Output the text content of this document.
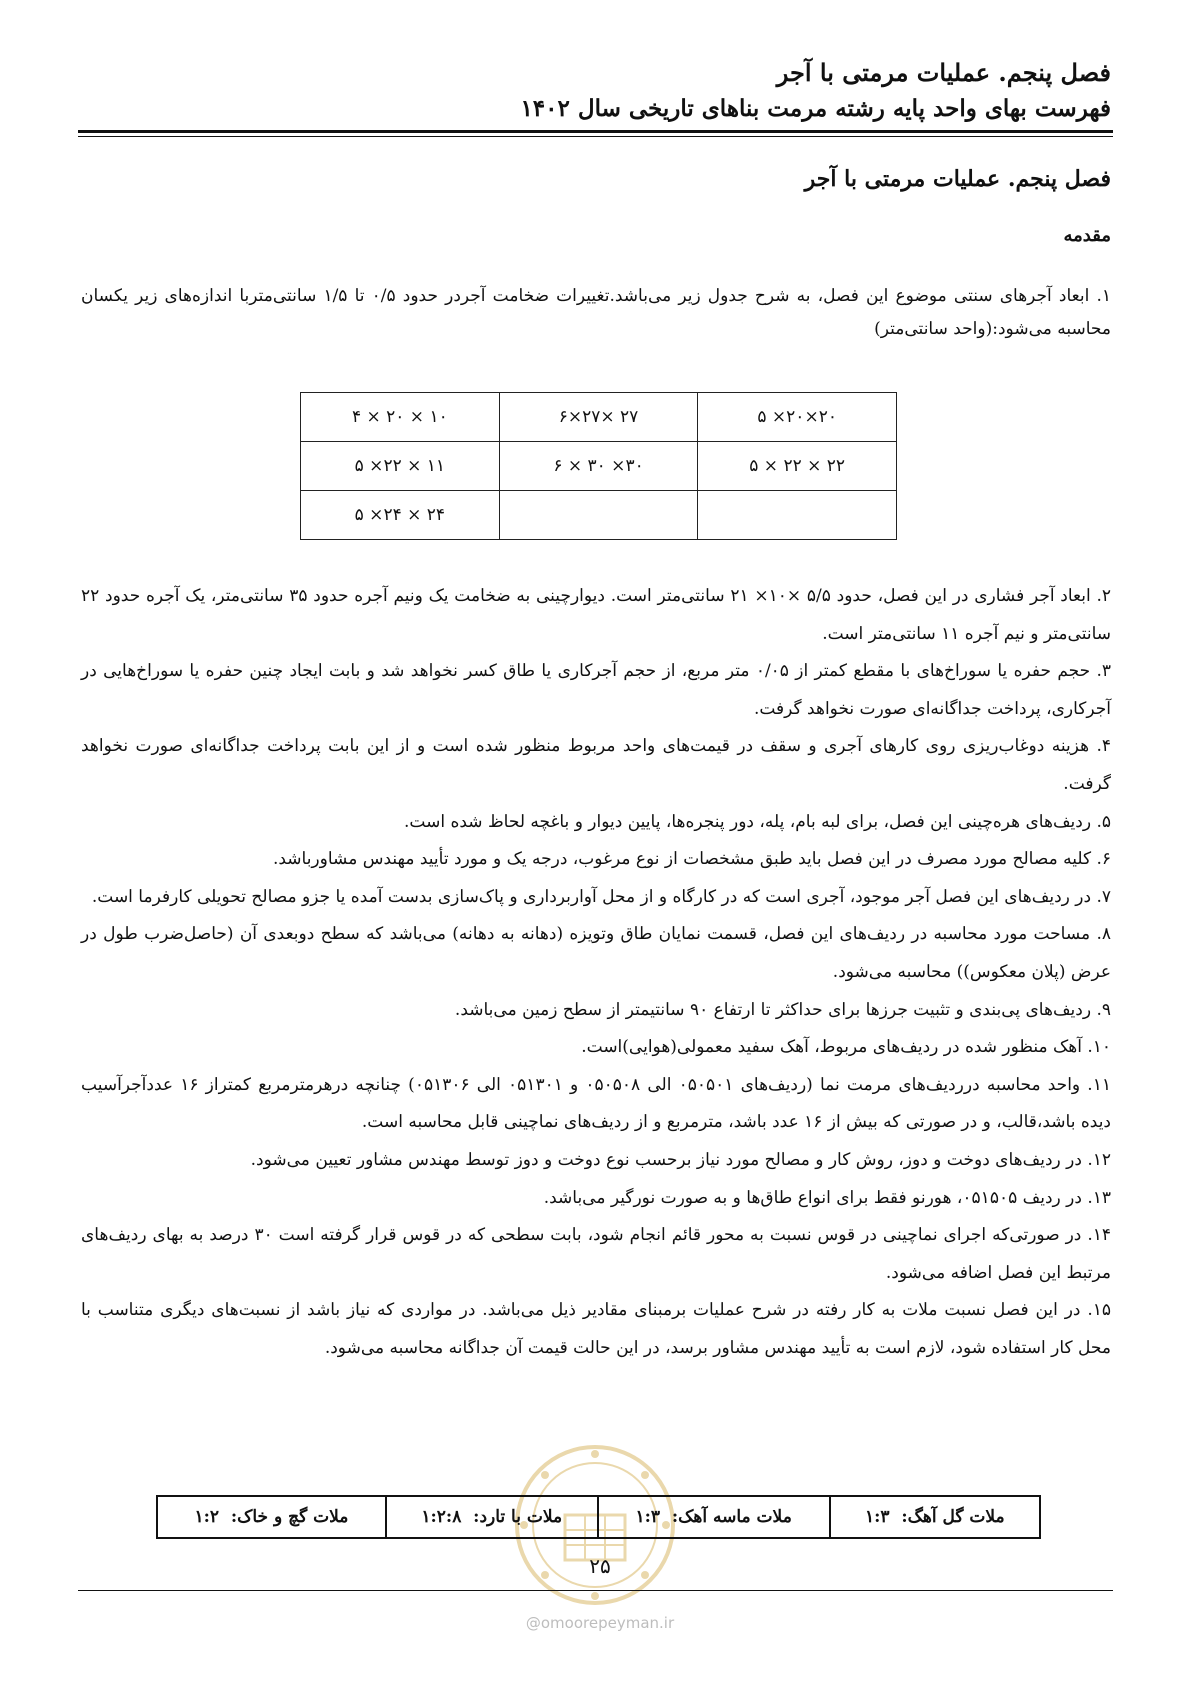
فصل پنجم. عملیات مرمتی با آجر
فهرست بهای واحد پایه رشته مرمت بناهای تاریخی سال ۱۴۰۲
فصل پنجم. عملیات مرمتی با آجر
مقدمه
۱. ابعاد آجرهای سنتی موضوع این فصل، به شرح جدول زیر می‌باشد.تغییرات ضخامت آجردر حدود ۰/۵ تا ۱/۵ سانتی‌متربا اندازه‌های زیر یکسان محاسبه می‌شود:(واحد سانتی‌متر)
۲۰×۲۰× ۵	۲۷ ×۲۷×۶	۱۰ × ۲۰ × ۴
۲۲ × ۲۲ × ۵	۳۰× ۳۰ × ۶	۱۱ × ۲۲× ۵
		۲۴ × ۲۴× ۵

۲. ابعاد آجر فشاری در این فصل، حدود ۵/۵ ×۱۰× ۲۱ سانتی‌متر است. دیوارچینی به ضخامت یک ونیم آجره حدود ۳۵ سانتی‌متر، یک آجره حدود ۲۲ سانتی‌متر و نیم آجره ۱۱ سانتی‌متر است.

۳. حجم حفره یا سوراخ‌های با مقطع کمتر از ۰/۰۵ متر مربع، از حجم آجرکاری یا طاق کسر نخواهد شد و بابت ایجاد چنین حفره یا سوراخ‌هایی در آجرکاری، پرداخت جداگانه‌ای صورت نخواهد گرفت.

۴. هزینه دوغاب‌ریزی روی کارهای آجری و سقف در قیمت‌های واحد مربوط منظور شده است و از این بابت پرداخت جداگانه‌ای صورت نخواهد گرفت.

۵. ردیف‌های هره‌چینی این فصل، برای لبه بام، پله، دور پنجره‌ها، پایین دیوار و باغچه لحاظ شده است.

۶. کلیه مصالح مورد مصرف در این فصل باید طبق مشخصات از نوع مرغوب، درجه یک و مورد تأیید مهندس مشاورباشد.

۷. در ردیف‌های این فصل آجر موجود، آجری است که در کارگاه و از محل آواربرداری و پاک‌سازی بدست آمده یا جزو مصالح تحویلی کارفرما است.

۸. مساحت مورد محاسبه در ردیف‌های این فصل، قسمت نمایان طاق وتویزه (دهانه به دهانه) می‌باشد که سطح دوبعدی آن (حاصل‌ضرب طول در عرض (پلان معکوس)) محاسبه می‌شود.

۹. ردیف‌های پی‌بندی و تثبیت جرزها برای حداکثر تا ارتفاع ۹۰ سانتیمتر از سطح زمین می‌باشد.

۱۰. آهک منظور شده در ردیف‌های مربوط، آهک سفید معمولی(هوایی)است.

۱۱. واحد محاسبه درردیف‌های مرمت نما (ردیف‌های ۰۵۰۵۰۱ الی ۰۵۰۵۰۸ و ۰۵۱۳۰۱ الی ۰۵۱۳۰۶) چنانچه درهرمترمربع کمتراز ۱۶ عددآجرآسیب دیده باشد،قالب، و در صورتی که بیش از ۱۶ عدد باشد، مترمربع و از ردیف‌های نماچینی قابل محاسبه است.

۱۲. در ردیف‌های دوخت و دوز، روش کار و مصالح مورد نیاز برحسب نوع دوخت و دوز توسط مهندس مشاور تعیین می‌شود.

۱۳. در ردیف ۰۵۱۵۰۵، هورنو فقط برای انواع طاق‌ها و به صورت نورگیر می‌باشد.

۱۴. در صورتی‌که اجرای نماچینی در قوس نسبت به محور قائم انجام شود، بابت سطحی که در قوس قرار گرفته است ۳۰ درصد به بهای ردیف‌های مرتبط این فصل اضافه می‌شود.

۱۵. در این فصل نسبت ملات به کار رفته در شرح عملیات برمبنای مقادیر ذیل می‌باشد. در مواردی که نیاز باشد از نسبت‌های دیگری متناسب با محل کار استفاده شود، لازم است به تأیید مهندس مشاور برسد، در این حالت قیمت آن جداگانه محاسبه می‌شود.

ملات گل آهگ:  ۱:۳	ملات ماسه آهک:  ۱:۳	ملات با تارد:  ۱:۲:۸	ملات گچ و خاک:  ۱:۲
۲۵
@omoorepeyman.ir
